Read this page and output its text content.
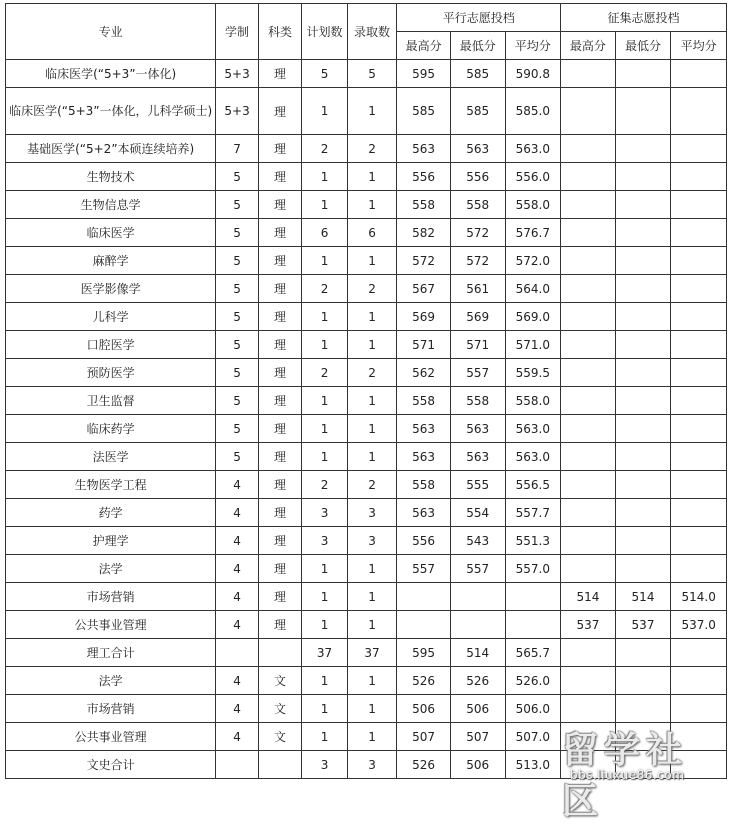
专业	学制	科类	计划数	录取数	平行志愿投档			征集志愿投档		
					最高分	最低分	平均分	最高分	最低分	平均分
临床医学(“5+3”一体化)	5+3	理	5	5	595	585	590.8			
临床医学(“5+3”一体化，儿科学硕士)	5+3	理	1	1	585	585	585.0			
基础医学(“5+2”本硕连续培养)	7	理	2	2	563	563	563.0			
生物技术	5	理	1	1	556	556	556.0			
生物信息学	5	理	1	1	558	558	558.0			
临床医学	5	理	6	6	582	572	576.7			
麻醉学	5	理	1	1	572	572	572.0			
医学影像学	5	理	2	2	567	561	564.0			
儿科学	5	理	1	1	569	569	569.0			
口腔医学	5	理	1	1	571	571	571.0			
预防医学	5	理	2	2	562	557	559.5			
卫生监督	5	理	1	1	558	558	558.0			
临床药学	5	理	1	1	563	563	563.0			
法医学	5	理	1	1	563	563	563.0			
生物医学工程	4	理	2	2	558	555	556.5			
药学	4	理	3	3	563	554	557.7			
护理学	4	理	3	3	556	543	551.3			
法学	4	理	1	1	557	557	557.0			
市场营销	4	理	1	1				514	514	514.0
公共事业管理	4	理	1	1				537	537	537.0
理工合计			37	37	595	514	565.7			
法学	4	文	1	1	526	526	526.0			
市场营销	4	文	1	1	506	506	506.0			
公共事业管理	4	文	1	1	507	507	507.0			
文史合计			3	3	526	506	513.0			留学社区
bbs.liuxue86.com
